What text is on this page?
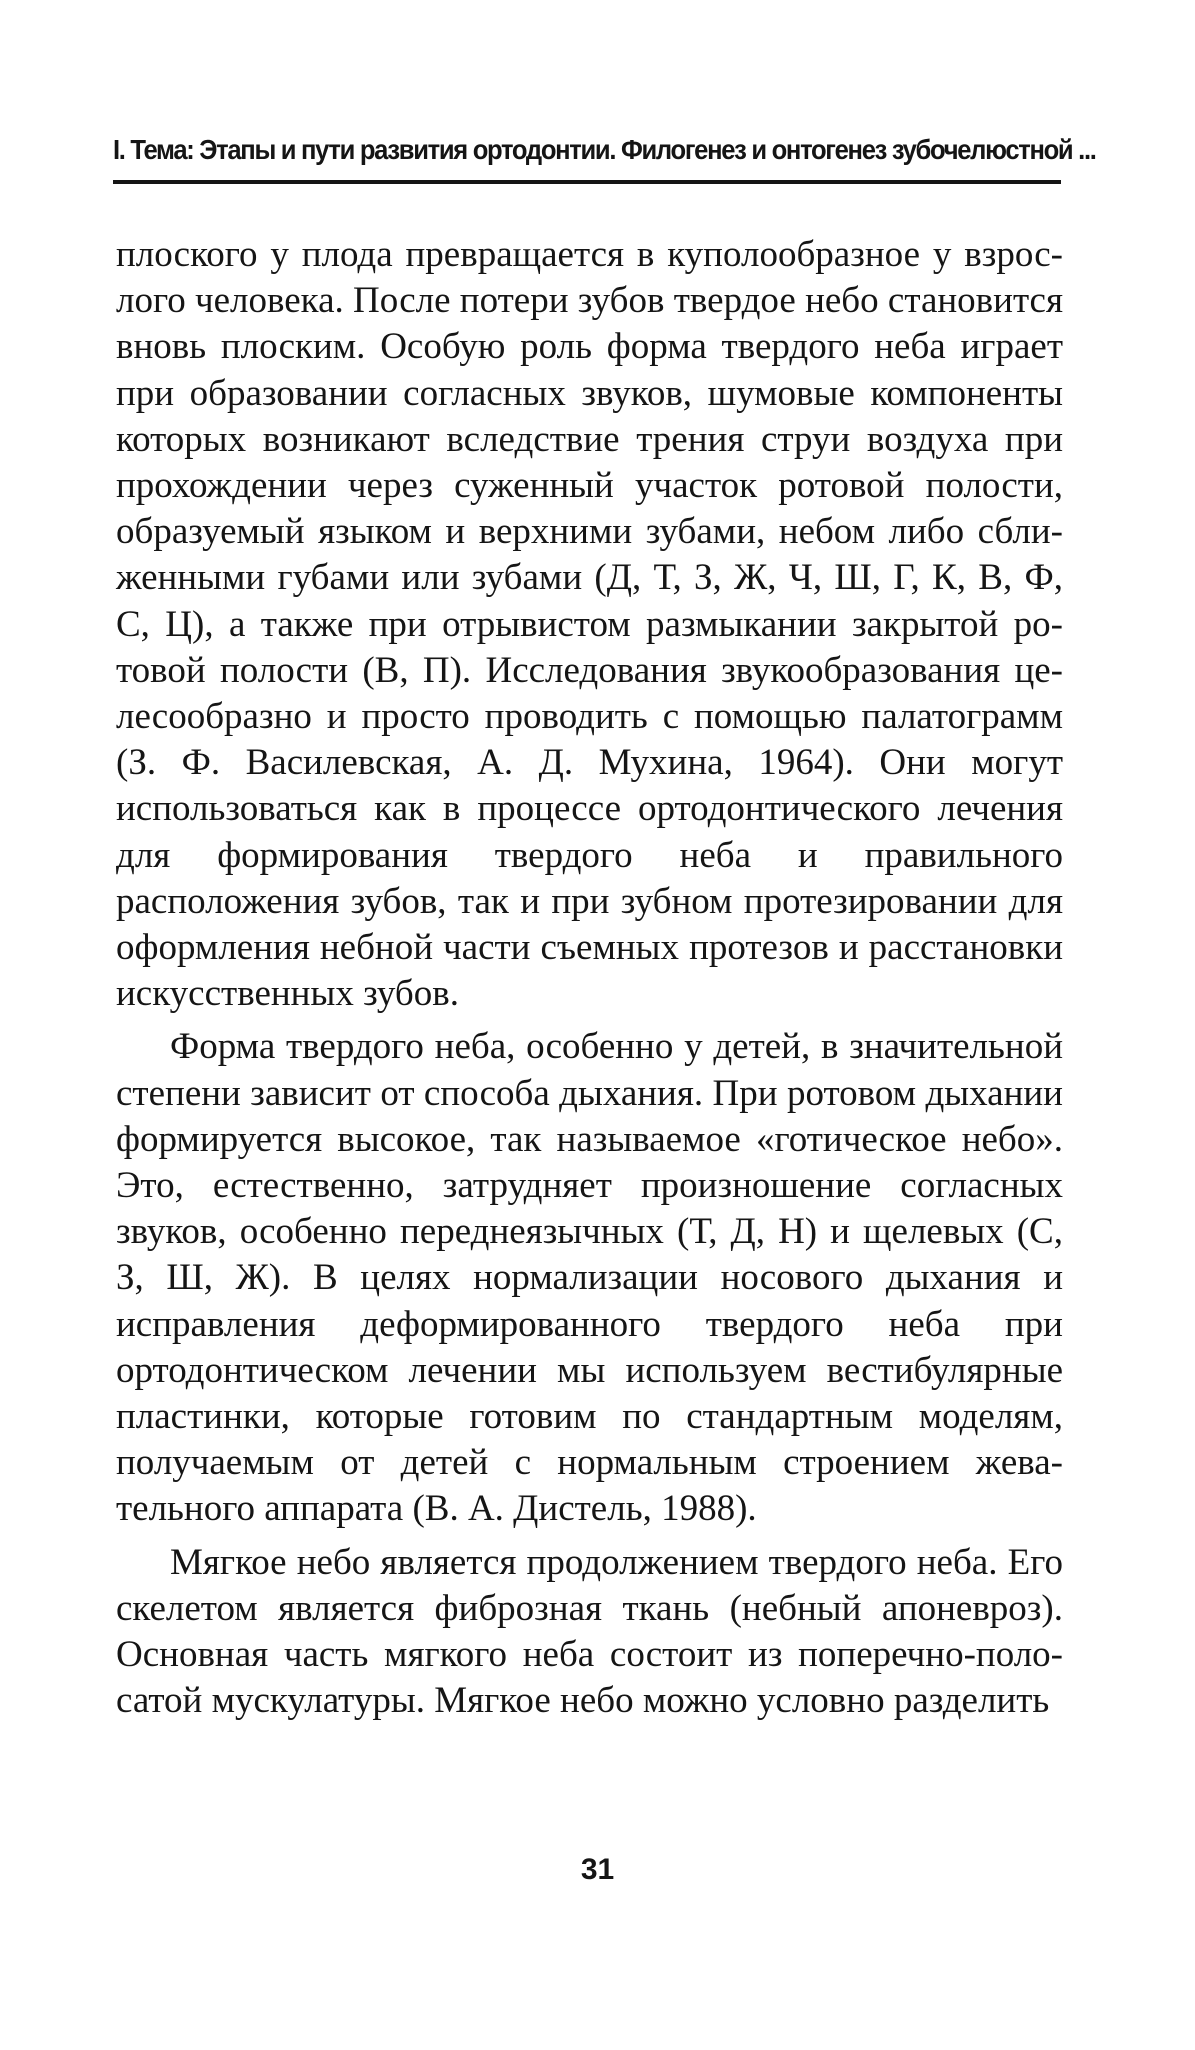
I. Тема: Этапы и пути развития ортодонтии. Филогенез и онтогенез зубочелюстной ...

плоского у плода превращается в куполообразное у взрослого человека. После потери зубов твердое небо становится вновь плоским. Особую роль форма твердого неба играет при образовании согласных звуков, шумовые компоненты которых возникают вследствие трения струи воздуха при прохождении через суженный участок ротовой полости, образуемый языком и верхними зубами, небом либо сближенными губами или зубами (Д, Т, З, Ж, Ч, Ш, Г, К, В, Ф, С, Ц), а также при отрывистом размыкании закрытой ротовой полости (В, П). Исследования звукообразования целесообразно и просто проводить с помощью палатограмм (З. Ф. Василевская, А. Д. Мухина, 1964). Они могут использоваться как в процессе ортодонтического лечения для формирования твердого неба и правильного расположения зубов, так и при зубном протезировании для оформления небной части съемных протезов и расстановки искусственных зубов.

Форма твердого неба, особенно у детей, в значительной степени зависит от способа дыхания. При ротовом дыхании формируется высокое, так называемое «готическое небо». Это, естественно, затрудняет произношение согласных звуков, особенно переднеязычных (Т, Д, Н) и щелевых (С, З, Ш, Ж). В целях нормализации носового дыхания и исправления деформированного твердого неба при ортодонтическом лечении мы используем вестибулярные пластинки, которые готовим по стандартным моделям, получаемым от детей с нормальным строением жевательного аппарата (В. А. Дистель, 1988).

Мягкое небо является продолжением твердого неба. Его скелетом является фиброзная ткань (небный апоневроз). Основная часть мягкого неба состоит из поперечно-полосатой мускулатуры. Мягкое небо можно условно разделить

31
